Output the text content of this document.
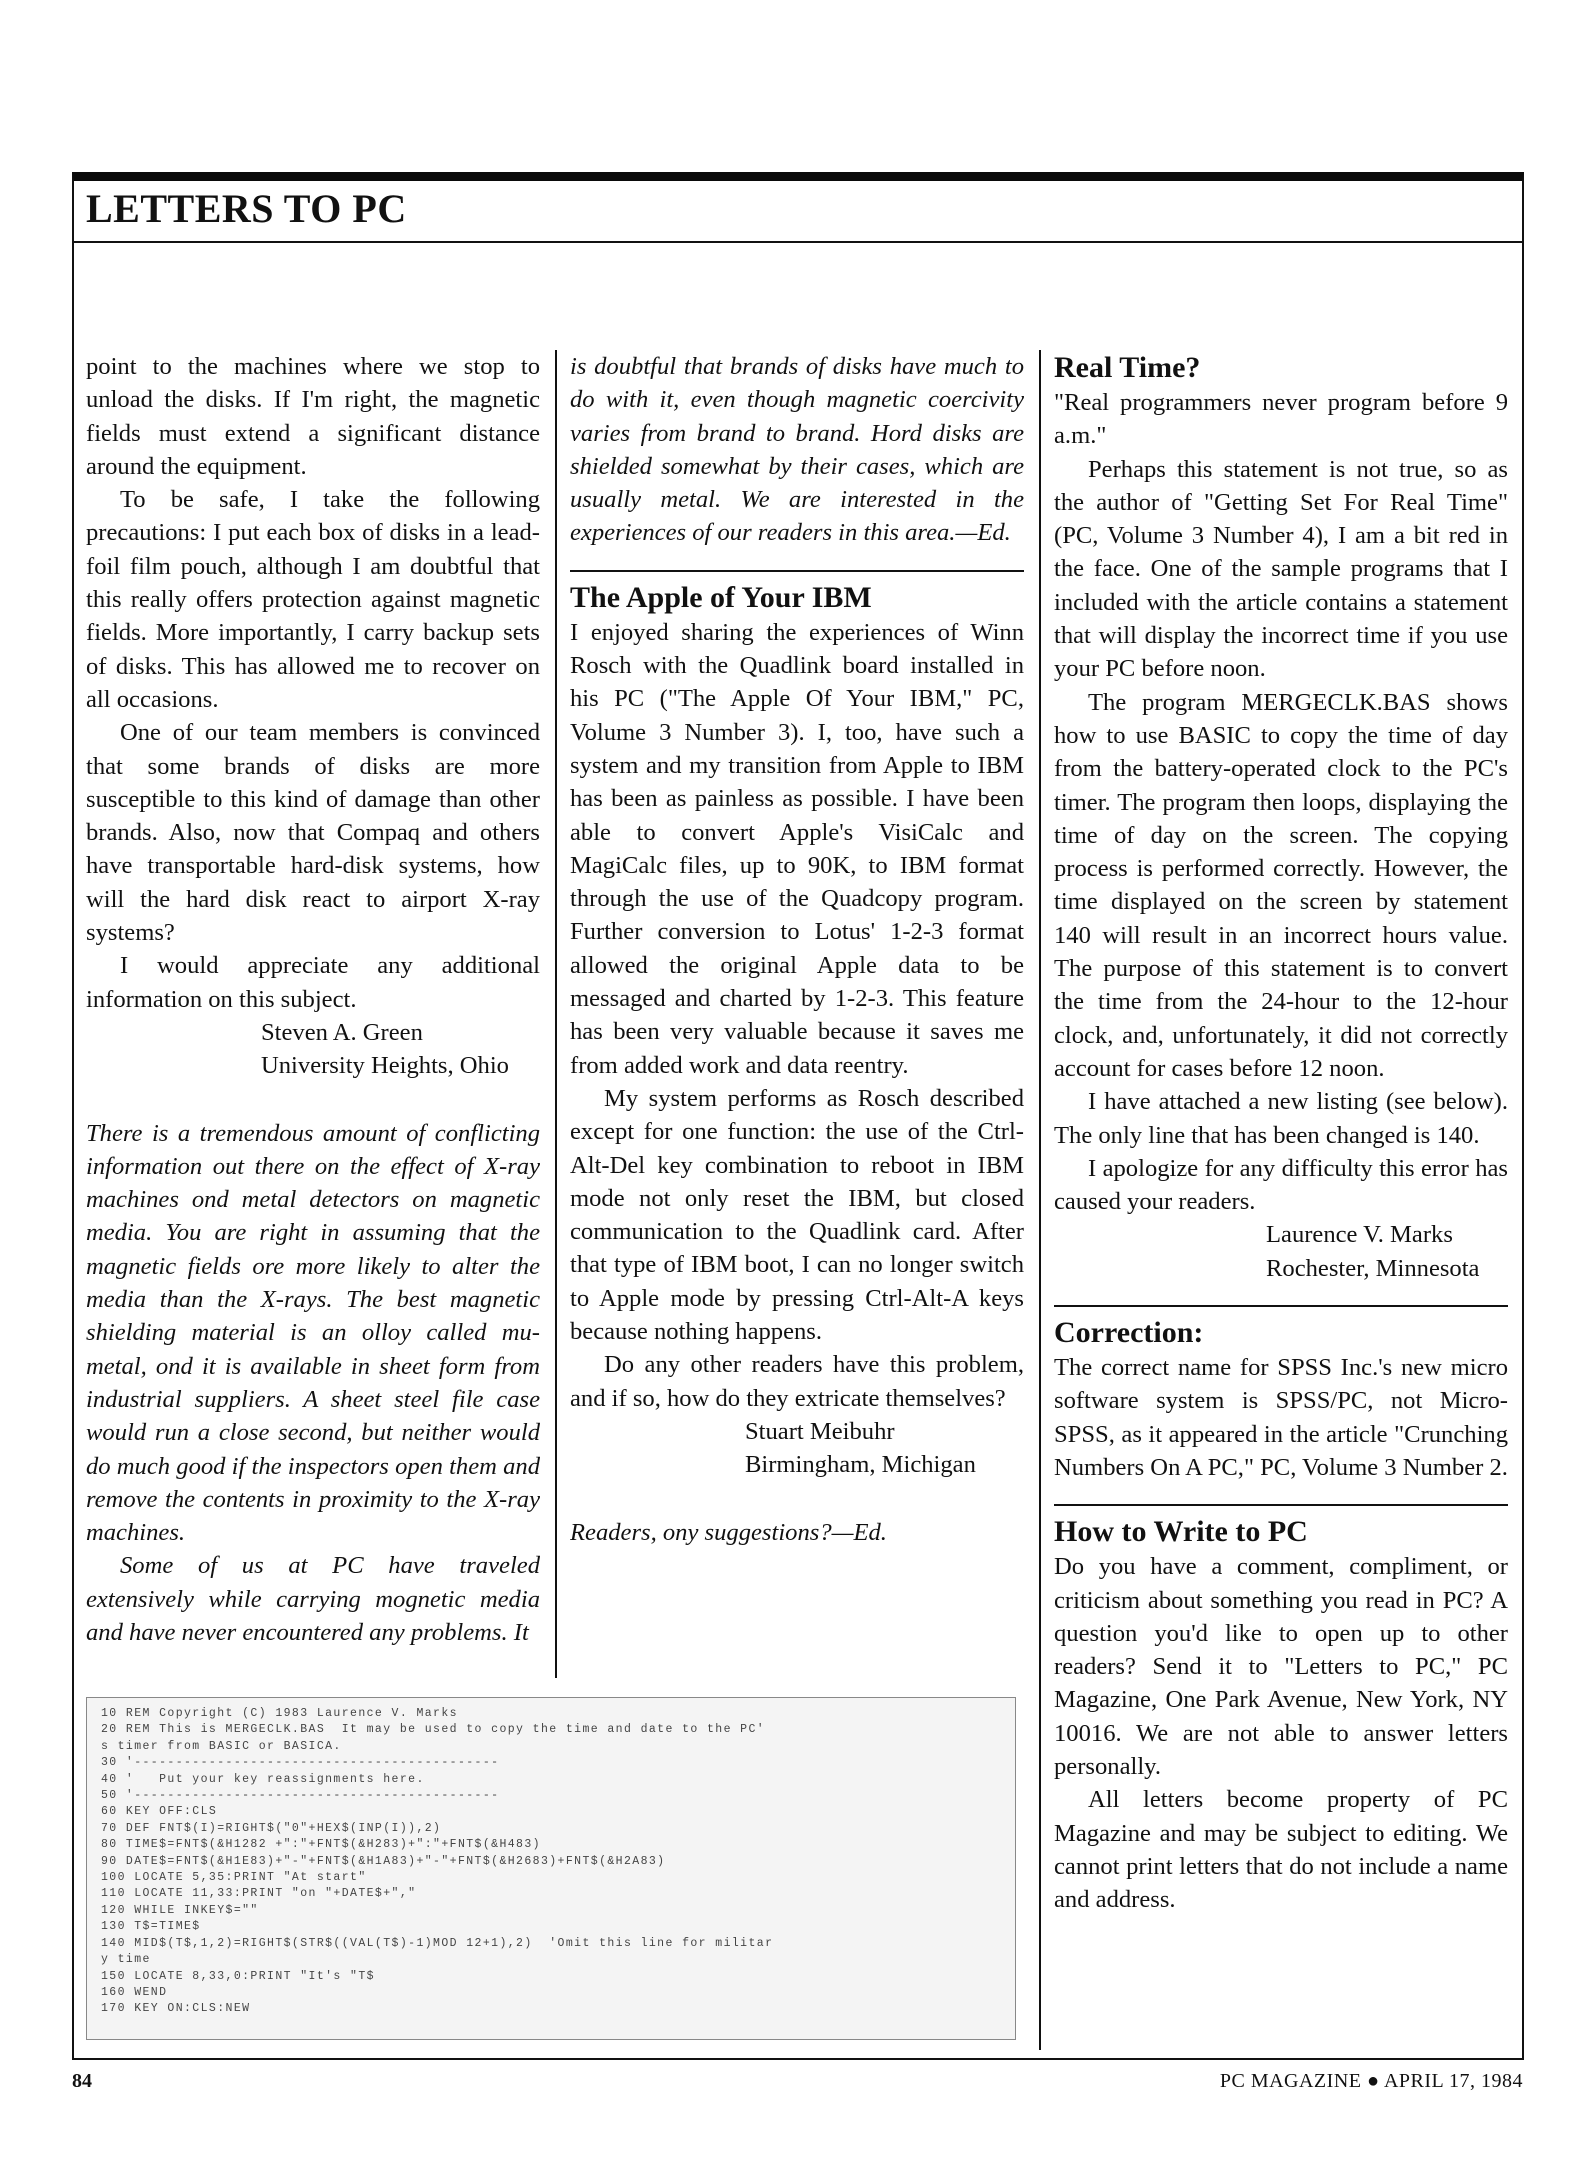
LETTERS TO PC

point to the machines where we stop to unload the disks. If I'm right, the magnetic fields must extend a significant distance around the equipment.

To be safe, I take the following precautions: I put each box of disks in a lead-foil film pouch, although I am doubtful that this really offers protection against magnetic fields. More importantly, I carry backup sets of disks. This has allowed me to recover on all occasions.

One of our team members is convinced that some brands of disks are more susceptible to this kind of damage than other brands. Also, now that Compaq and others have transportable hard-disk systems, how will the hard disk react to airport X-ray systems?

I would appreciate any additional information on this subject.

Steven A. Green

University Heights, Ohio

There is a tremendous amount of conflicting information out there on the effect of X-ray machines ond metal detectors on magnetic media. You are right in assuming that the magnetic fields ore more likely to alter the media than the X-rays. The best magnetic shielding material is an olloy called mu-metal, ond it is available in sheet form from industrial suppliers. A sheet steel file case would run a close second, but neither would do much good if the inspectors open them and remove the contents in proximity to the X-ray machines.

Some of us at PC have traveled extensively while carrying mognetic media and have never encountered any problems. It

is doubtful that brands of disks have much to do with it, even though magnetic coercivity varies from brand to brand. Hord disks are shielded somewhat by their cases, which are usually metal. We are interested in the experiences of our readers in this area.—Ed.

The Apple of Your IBM

I enjoyed sharing the experiences of Winn Rosch with the Quadlink board installed in his PC ("The Apple Of Your IBM," PC, Volume 3 Number 3). I, too, have such a system and my transition from Apple to IBM has been as painless as possible. I have been able to convert Apple's VisiCalc and MagiCalc files, up to 90K, to IBM format through the use of the Quadcopy program. Further conversion to Lotus' 1-2-3 format allowed the original Apple data to be messaged and charted by 1-2-3. This feature has been very valuable because it saves me from added work and data reentry.

My system performs as Rosch described except for one function: the use of the Ctrl-Alt-Del key combination to reboot in IBM mode not only reset the IBM, but closed communication to the Quadlink card. After that type of IBM boot, I can no longer switch to Apple mode by pressing Ctrl-Alt-A keys because nothing happens.

Do any other readers have this problem, and if so, how do they extricate themselves?

Stuart Meibuhr

Birmingham, Michigan

Readers, ony suggestions?—Ed.

Real Time?

"Real programmers never program before 9 a.m."

Perhaps this statement is not true, so as the author of "Getting Set For Real Time" (PC, Volume 3 Number 4), I am a bit red in the face. One of the sample programs that I included with the article contains a statement that will display the incorrect time if you use your PC before noon.

The program MERGECLK.BAS shows how to use BASIC to copy the time of day from the battery-operated clock to the PC's timer. The program then loops, displaying the time of day on the screen. The copying process is performed correctly. However, the time displayed on the screen by statement 140 will result in an incorrect hours value. The purpose of this statement is to convert the time from the 24-hour to the 12-hour clock, and, unfortunately, it did not correctly account for cases before 12 noon.

I have attached a new listing (see below). The only line that has been changed is 140.

I apologize for any difficulty this error has caused your readers.

Laurence V. Marks

Rochester, Minnesota

Correction:

The correct name for SPSS Inc.'s new micro software system is SPSS/PC, not Micro-SPSS, as it appeared in the article "Crunching Numbers On A PC," PC, Volume 3 Number 2.

How to Write to PC

Do you have a comment, compliment, or criticism about something you read in PC? A question you'd like to open up to other readers? Send it to "Letters to PC," PC Magazine, One Park Avenue, New York, NY 10016. We are not able to answer letters personally.

All letters become property of PC Magazine and may be subject to editing. We cannot print letters that do not include a name and address.

10 REM Copyright (C) 1983 Laurence V. Marks
20 REM This is MERGECLK.BAS  It may be used to copy the time and date to the PC'
s timer from BASIC or BASICA.
30 '--------------------------------------------
40 '   Put your key reassignments here.
50 '--------------------------------------------
60 KEY OFF:CLS
70 DEF FNT$(I)=RIGHT$("0"+HEX$(INP(I)),2)
80 TIME$=FNT$(&H1282 +":"+FNT$(&H283)+":"+FNT$(&H483)
90 DATE$=FNT$(&H1E83)+"-"+FNT$(&H1A83)+"-"+FNT$(&H2683)+FNT$(&H2A83)
100 LOCATE 5,35:PRINT "At start"
110 LOCATE 11,33:PRINT "on "+DATE$+","
120 WHILE INKEY$=""
130 T$=TIME$
140 MID$(T$,1,2)=RIGHT$(STR$((VAL(T$)-1)MOD 12+1),2)  'Omit this line for militar
y time
150 LOCATE 8,33,0:PRINT "It's "T$
160 WEND
170 KEY ON:CLS:NEW
84	PC MAGAZINE ● APRIL 17, 1984
